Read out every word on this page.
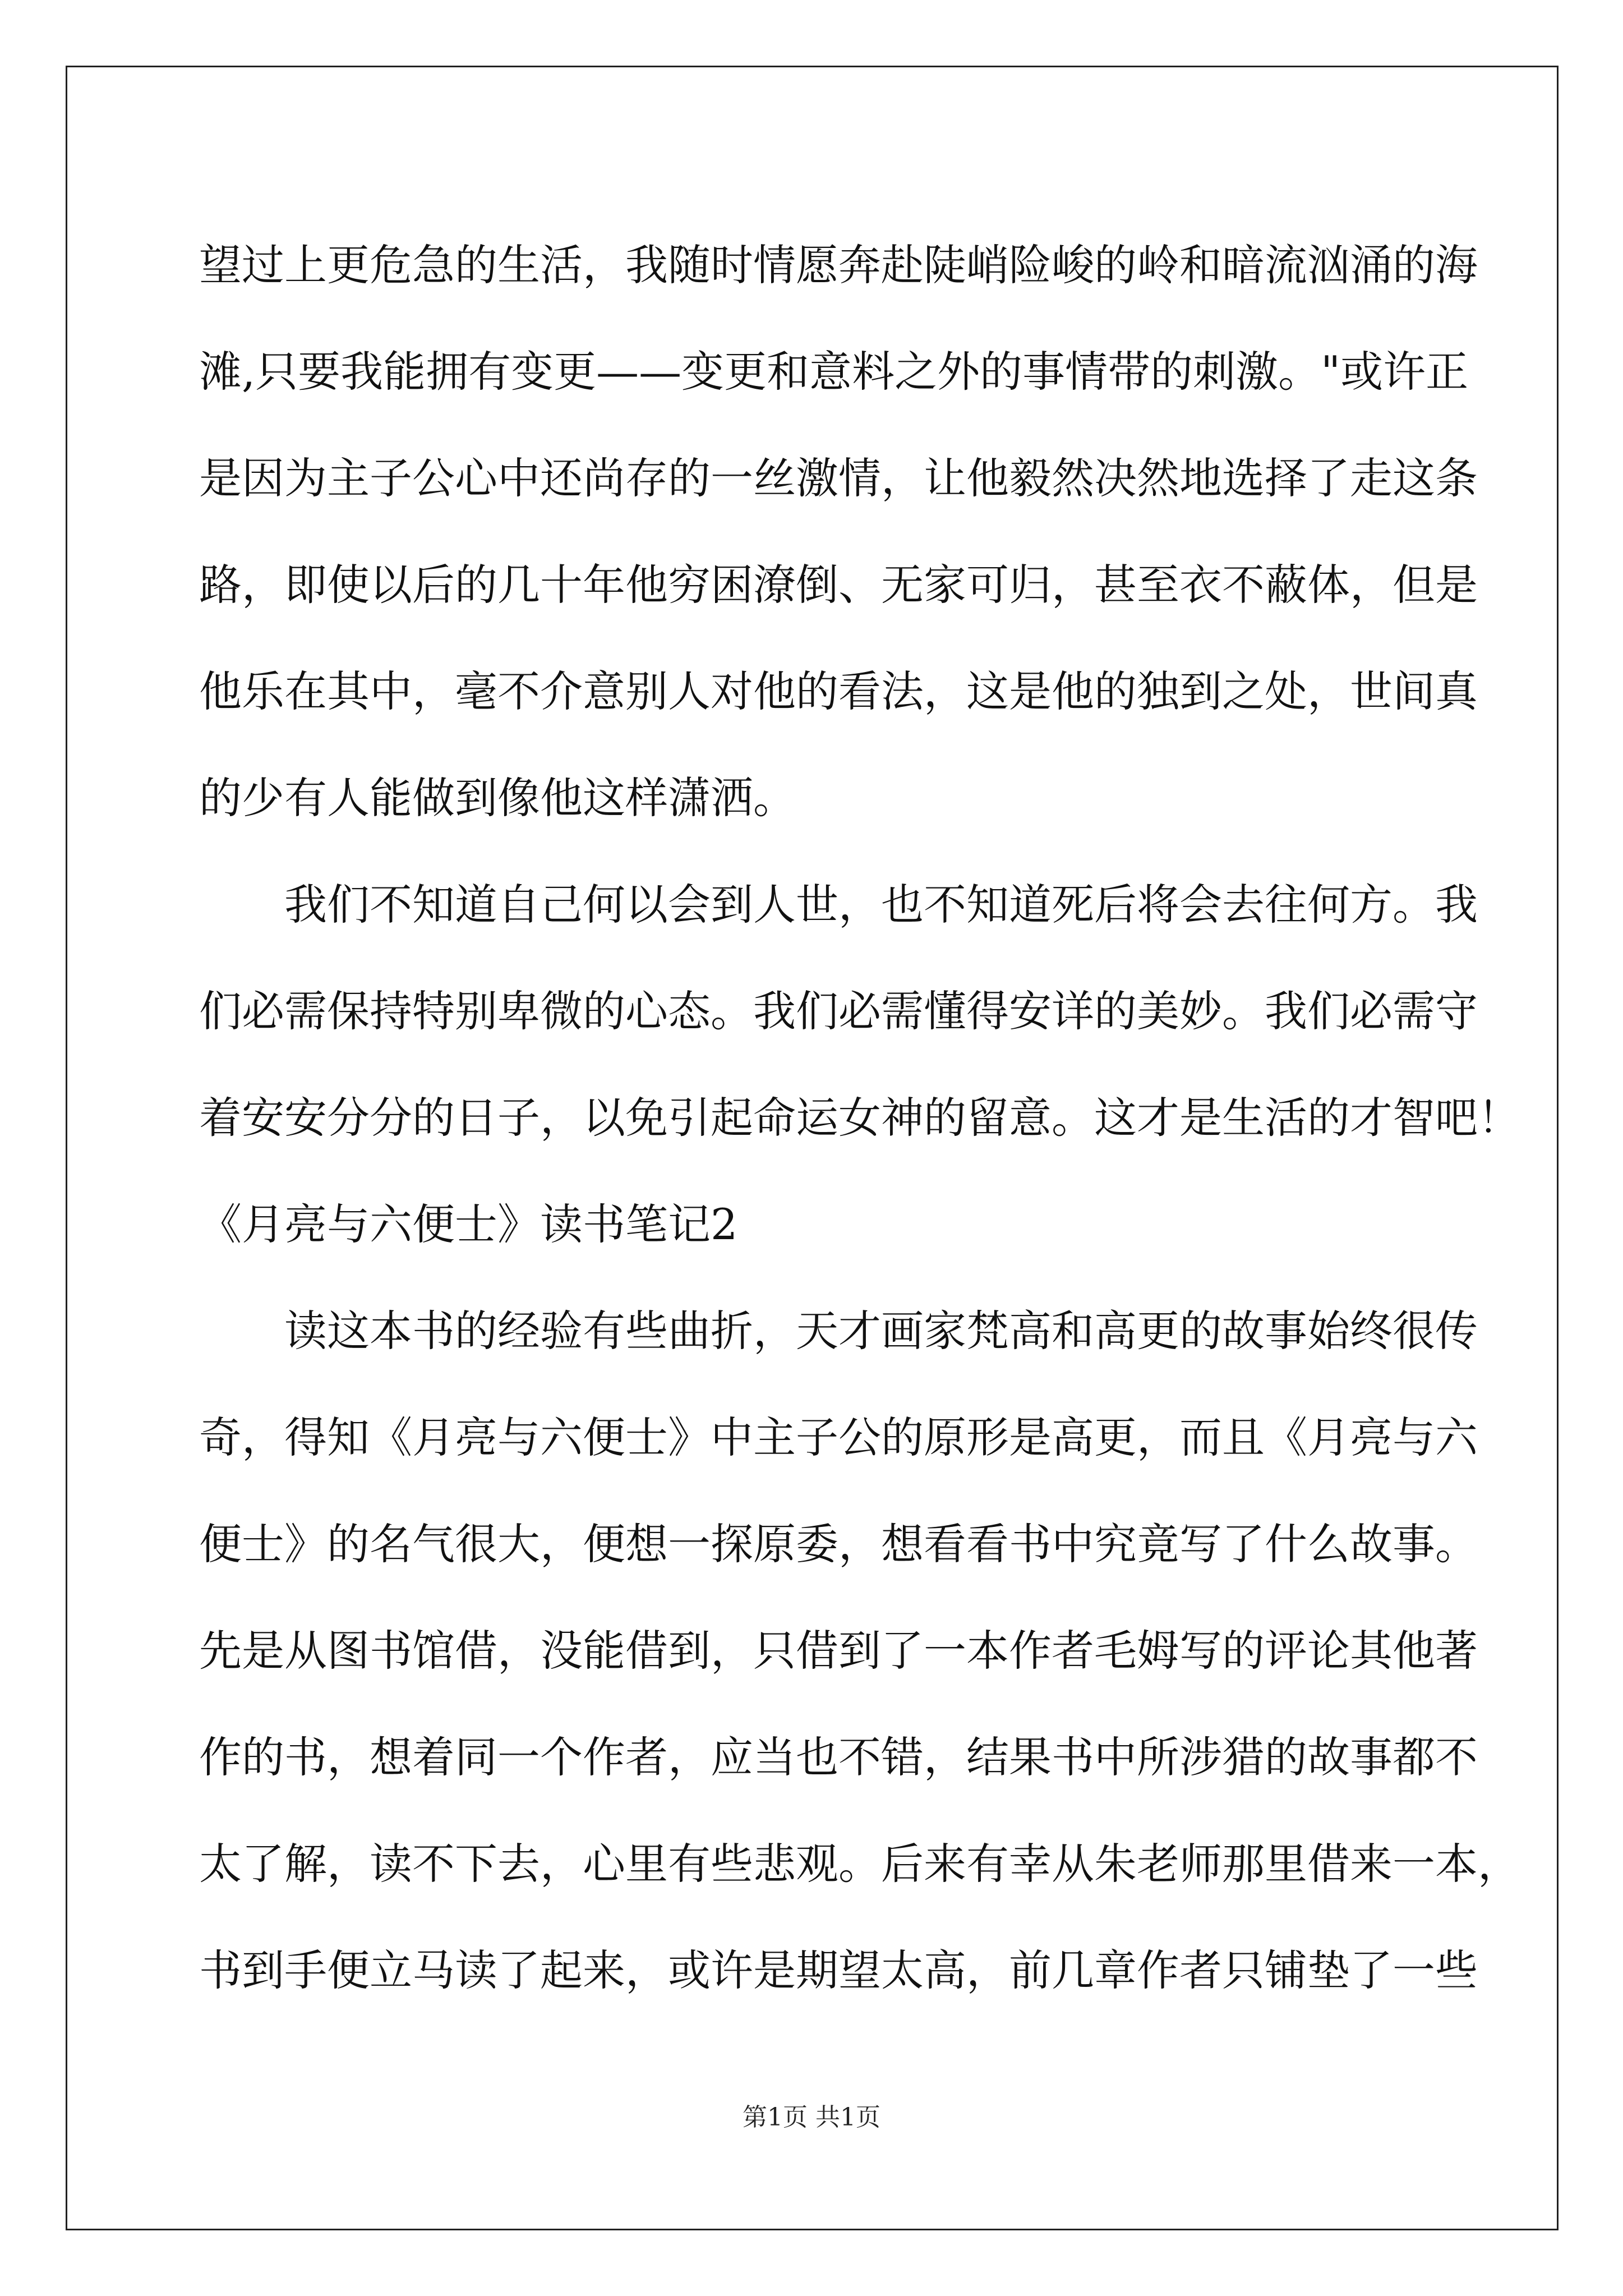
望过上更危急的生活，我随时情愿奔赴陡峭险峻的岭和暗流汹涌的海

滩,只要我能拥有变更——变更和意料之外的事情带的刺激。"或许正

是因为主子公心中还尚存的一丝激情，让他毅然决然地选择了走这条

路，即使以后的几十年他穷困潦倒、无家可归，甚至衣不蔽体，但是

他乐在其中，毫不介意别人对他的看法，这是他的独到之处，世间真

的少有人能做到像他这样潇洒。

我们不知道自己何以会到人世，也不知道死后将会去往何方。我

们必需保持特别卑微的心态。我们必需懂得安详的美妙。我们必需守

着安安分分的日子，以免引起命运女神的留意。这才是生活的才智吧！

《月亮与六便士》读书笔记2

读这本书的经验有些曲折，天才画家梵高和高更的故事始终很传

奇，得知《月亮与六便士》中主子公的原形是高更，而且《月亮与六

便士》的名气很大，便想一探原委，想看看书中究竟写了什么故事。

先是从图书馆借，没能借到，只借到了一本作者毛姆写的评论其他著

作的书，想着同一个作者，应当也不错，结果书中所涉猎的故事都不

太了解，读不下去，心里有些悲观。后来有幸从朱老师那里借来一本，

书到手便立马读了起来，或许是期望太高，前几章作者只铺垫了一些

第1页 共1页
